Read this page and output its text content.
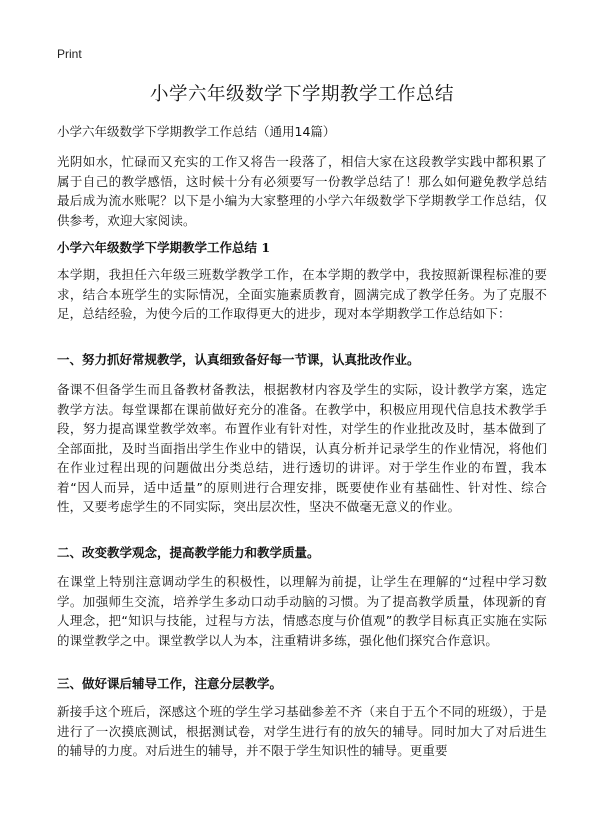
Print
小学六年级数学下学期教学工作总结

小学六年级数学下学期教学工作总结（通用14篇）

光阴如水，忙碌而又充实的工作又将告一段落了，相信大家在这段教学实践中都积累了属于自己的教学感悟，这时候十分有必须要写一份教学总结了！那么如何避免教学总结最后成为流水账呢？以下是小编为大家整理的小学六年级数学下学期教学工作总结，仅供参考，欢迎大家阅读。

小学六年级数学下学期教学工作总结 1

本学期，我担任六年级三班数学教学工作，在本学期的教学中，我按照新课程标准的要求，结合本班学生的实际情况，全面实施素质教育，圆满完成了教学任务。为了克服不足，总结经验，为使今后的工作取得更大的进步，现对本学期教学工作总结如下：

一、努力抓好常规教学，认真细致备好每一节课，认真批改作业。

备课不但备学生而且备教材备教法，根据教材内容及学生的实际，设计教学方案，选定教学方法。每堂课都在课前做好充分的准备。在教学中，积极应用现代信息技术教学手段，努力提高课堂教学效率。布置作业有针对性，对学生的作业批改及时，基本做到了全部面批，及时当面指出学生作业中的错误，认真分析并记录学生的作业情况，将他们在作业过程出现的问题做出分类总结，进行透切的讲评。对于学生作业的布置，我本着“因人而异，适中适量”的原则进行合理安排，既要使作业有基础性、针对性、综合性，又要考虑学生的不同实际，突出层次性，坚决不做毫无意义的作业。

二、改变教学观念，提高教学能力和教学质量。

在课堂上特别注意调动学生的积极性，以理解为前提，让学生在理解的“过程中学习数学。加强师生交流，培养学生多动口动手动脑的习惯。为了提高教学质量，体现新的育人理念，把“知识与技能，过程与方法，情感态度与价值观”的教学目标真正实施在实际的课堂教学之中。课堂教学以人为本，注重精讲多练，强化他们探究合作意识。

三、做好课后辅导工作，注意分层教学。

新接手这个班后，深感这个班的学生学习基础参差不齐（来自于五个不同的班级），于是进行了一次摸底测试，根据测试卷，对学生进行有的放矢的辅导。同时加大了对后进生的辅导的力度。对后进生的辅导，并不限于学生知识性的辅导。更重要
